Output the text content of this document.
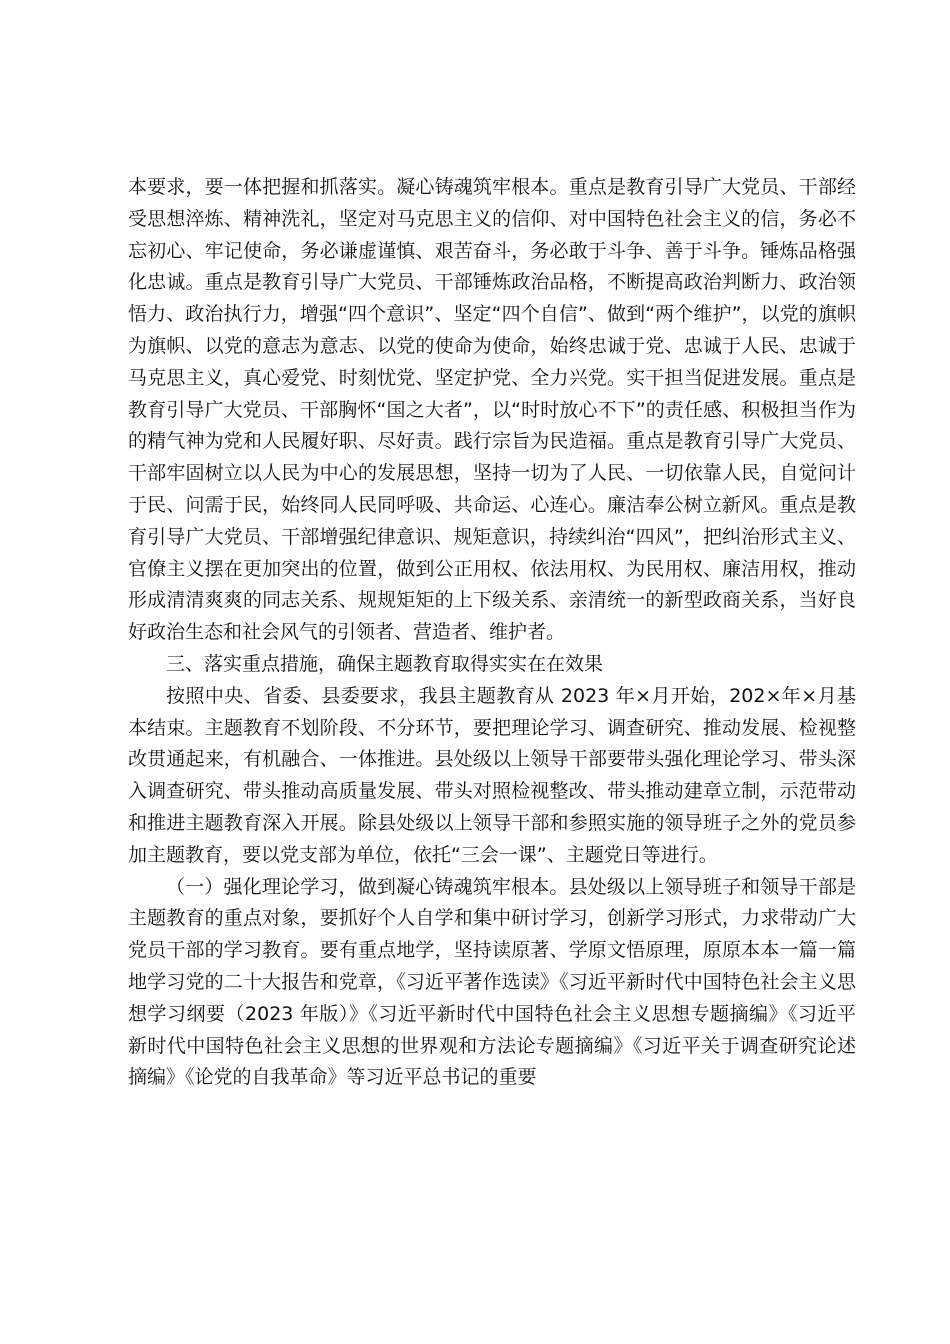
本要求，要一体把握和抓落实。凝心铸魂筑牢根本。重点是教育引导广大党员、干部经受思想淬炼、精神洗礼，坚定对马克思主义的信仰、对中国特色社会主义的信，务必不忘初心、牢记使命，务必谦虚谨慎、艰苦奋斗，务必敢于斗争、善于斗争。锤炼品格强化忠诚。重点是教育引导广大党员、干部锤炼政治品格，不断提高政治判断力、政治领悟力、政治执行力，增强“四个意识”、坚定“四个自信”、做到“两个维护”，以党的旗帜为旗帜、以党的意志为意志、以党的使命为使命，始终忠诚于党、忠诚于人民、忠诚于马克思主义，真心爱党、时刻忧党、坚定护党、全力兴党。实干担当促进发展。重点是教育引导广大党员、干部胸怀“国之大者”，以“时时放心不下”的责任感、积极担当作为的精气神为党和人民履好职、尽好责。践行宗旨为民造福。重点是教育引导广大党员、干部牢固树立以人民为中心的发展思想，坚持一切为了人民、一切依靠人民，自觉问计于民、问需于民，始终同人民同呼吸、共命运、心连心。廉洁奉公树立新风。重点是教育引导广大党员、干部增强纪律意识、规矩意识，持续纠治“四风”，把纠治形式主义、官僚主义摆在更加突出的位置，做到公正用权、依法用权、为民用权、廉洁用权，推动形成清清爽爽的同志关系、规规矩矩的上下级关系、亲清统一的新型政商关系，当好良好政治生态和社会风气的引领者、营造者、维护者。

三、落实重点措施，确保主题教育取得实实在在效果

按照中央、省委、县委要求，我县主题教育从 2023 年×月开始，202×年×月基本结束。主题教育不划阶段、不分环节，要把理论学习、调查研究、推动发展、检视整改贯通起来，有机融合、一体推进。县处级以上领导干部要带头强化理论学习、带头深入调查研究、带头推动高质量发展、带头对照检视整改、带头推动建章立制，示范带动和推进主题教育深入开展。除县处级以上领导干部和参照实施的领导班子之外的党员参加主题教育，要以党支部为单位，依托“三会一课”、主题党日等进行。

（一）强化理论学习，做到凝心铸魂筑牢根本。县处级以上领导班子和领导干部是主题教育的重点对象，要抓好个人自学和集中研讨学习，创新学习形式，力求带动广大党员干部的学习教育。要有重点地学，坚持读原著、学原文悟原理，原原本本一篇一篇地学习党的二十大报告和党章，《习近平著作选读》《习近平新时代中国特色社会主义思想学习纲要（2023 年版）》《习近平新时代中国特色社会主义思想专题摘编》《习近平新时代中国特色社会主义思想的世界观和方法论专题摘编》《习近平关于调查研究论述摘编》《论党的自我革命》等习近平总书记的重要
